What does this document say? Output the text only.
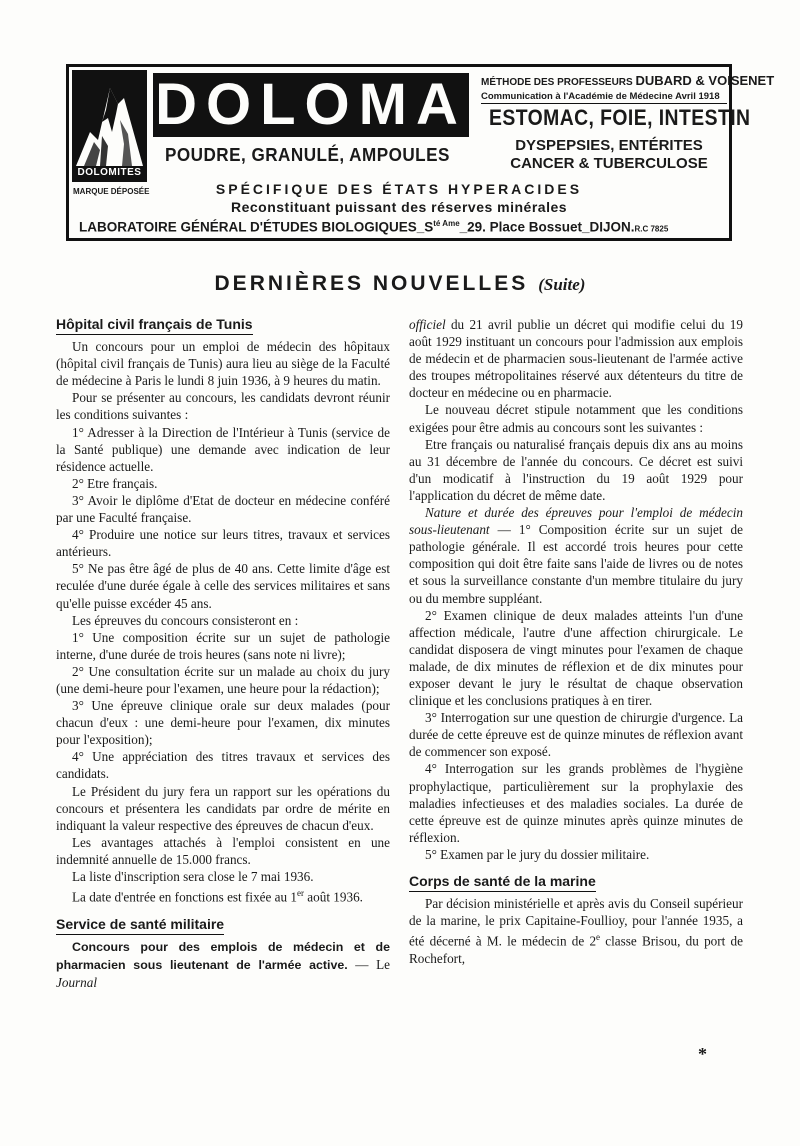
DOLOMITES
MARQUE DÉPOSÉE
DOLOMA
POUDRE, GRANULÉ, AMPOULES
MÉTHODE DES PROFESSEURS DUBARD & VOISENET
Communication à l'Académie de Médecine Avril 1918
ESTOMAC, FOIE, INTESTIN
DYSPEPSIES, ENTÉRITES
CANCER & TUBERCULOSE
SPÉCIFIQUE DES ÉTATS HYPERACIDES
Reconstituant puissant des réserves minérales
LABORATOIRE GÉNÉRAL D'ÉTUDES $BIOLOGIQUES\_S^{té Ame}\_29$. Place Bossuet_DIJON.R.C 7825
DERNIÈRES NOUVELLES (Suite)
Hôpital civil français de Tunis

Un concours pour un emploi de médecin des hôpitaux (hôpital civil français de Tunis) aura lieu au siège de la Faculté de médecine à Paris le lundi 8 juin 1936, à 9 heures du matin.

Pour se présenter au concours, les candidats devront réunir les conditions suivantes :

1° Adresser à la Direction de l'Intérieur à Tunis (service de la Santé publique) une demande avec indication de leur résidence actuelle.

2° Etre français.

3° Avoir le diplôme d'Etat de docteur en médecine conféré par une Faculté française.

4° Produire une notice sur leurs titres, travaux et services antérieurs.

5° Ne pas être âgé de plus de 40 ans. Cette limite d'âge est reculée d'une durée égale à celle des services militaires et sans qu'elle puisse excéder 45 ans.

Les épreuves du concours consisteront en :

1° Une composition écrite sur un sujet de pathologie interne, d'une durée de trois heures (sans note ni livre);

2° Une consultation écrite sur un malade au choix du jury (une demi-heure pour l'examen, une heure pour la rédaction);

3° Une épreuve clinique orale sur deux malades (pour chacun d'eux : une demi-heure pour l'examen, dix minutes pour l'exposition);

4° Une appréciation des titres travaux et services des candidats.

Le Président du jury fera un rapport sur les opérations du concours et présentera les candidats par ordre de mérite en indiquant la valeur respective des épreuves de chacun d'eux.

Les avantages attachés à l'emploi consistent en une indemnité annuelle de 15.000 francs.

La liste d'inscription sera close le 7 mai 1936.

La date d'entrée en fonctions est fixée au 1er août 1936.

Service de santé militaire

Concours pour des emplois de médecin et de pharmacien sous lieutenant de l'armée active. — Le Journal

officiel du 21 avril publie un décret qui modifie celui du 19 août 1929 instituant un concours pour l'admission aux emplois de médecin et de pharmacien sous-lieutenant de l'armée active des troupes métropolitaines réservé aux détenteurs du titre de docteur en médecine ou en pharmacie.

Le nouveau décret stipule notamment que les conditions exigées pour être admis au concours sont les suivantes :

Etre français ou naturalisé français depuis dix ans au moins au 31 décembre de l'année du concours. Ce décret est suivi d'un modicatif à l'instruction du 19 août 1929 pour l'application du décret de même date.

Nature et durée des épreuves pour l'emploi de médecin sous-lieutenant — 1° Composition écrite sur un sujet de pathologie générale. Il est accordé trois heures pour cette composition qui doit être faite sans l'aide de livres ou de notes et sous la surveillance constante d'un membre titulaire du jury ou du membre suppléant.

2° Examen clinique de deux malades atteints l'un d'une affection médicale, l'autre d'une affection chirurgicale. Le candidat disposera de vingt minutes pour l'examen de chaque malade, de dix minutes de réflexion et de dix minutes pour exposer devant le jury le résultat de chaque observation clinique et les conclusions pratiques à en tirer.

3° Interrogation sur une question de chirurgie d'urgence. La durée de cette épreuve est de quinze minutes de réflexion avant de commencer son exposé.

4° Interrogation sur les grands problèmes de l'hygiène prophylactique, particulièrement sur la prophylaxie des maladies infectieuses et des maladies sociales. La durée de cette épreuve est de quinze minutes après quinze minutes de réflexion.

5° Examen par le jury du dossier militaire.

Corps de santé de la marine

Par décision ministérielle et après avis du Conseil supérieur de la marine, le prix Capitaine-Foullioy, pour l'année 1935, a été décerné à M. le médecin de 2e classe Brisou, du port de Rochefort,

*
